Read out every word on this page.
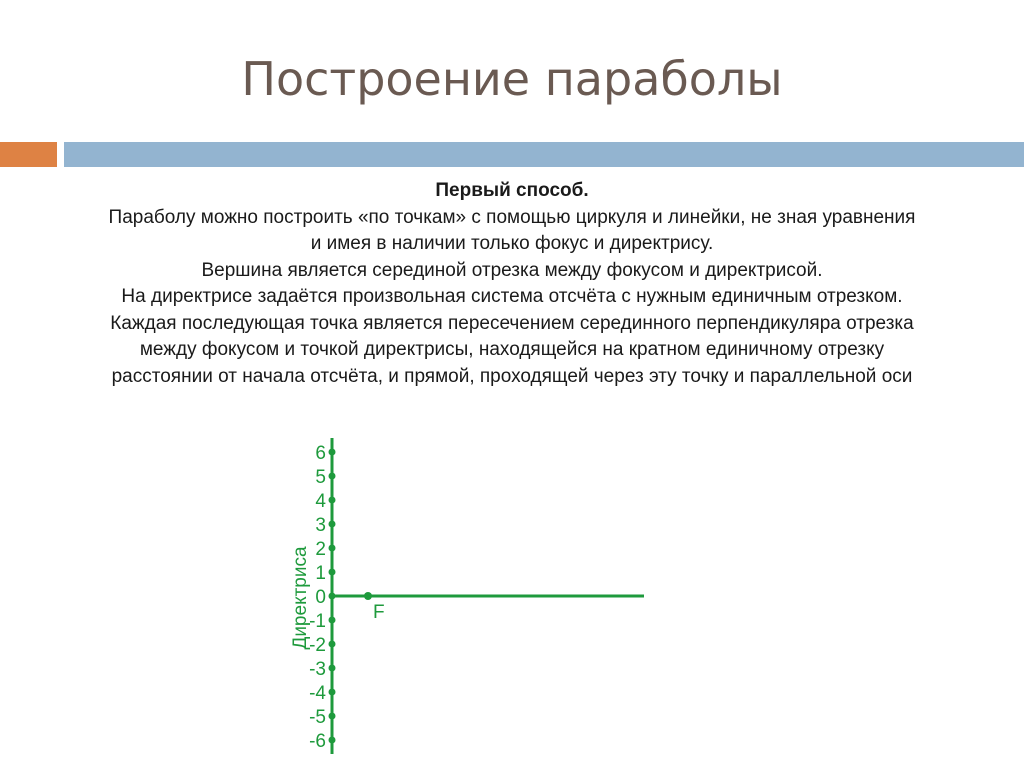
Построение параболы
Первый способ.
Параболу можно построить «по точкам» с помощью циркуля и линейки, не зная уравнения
и имея в наличии только фокус и директрису.
Вершина является серединой отрезка между фокусом и директрисой.
На директрисе задаётся произвольная система отсчёта с нужным единичным отрезком.
Каждая последующая точка является пересечением серединного перпендикуляра отрезка
между фокусом и точкой директрисы, находящейся на кратном единичному отрезку
расстоянии от начала отсчёта, и прямой, проходящей через эту точку и параллельной оси
6
5
4
3
2
1
0
-1
-2
-3
-4
-5
-6
F
Директриса
